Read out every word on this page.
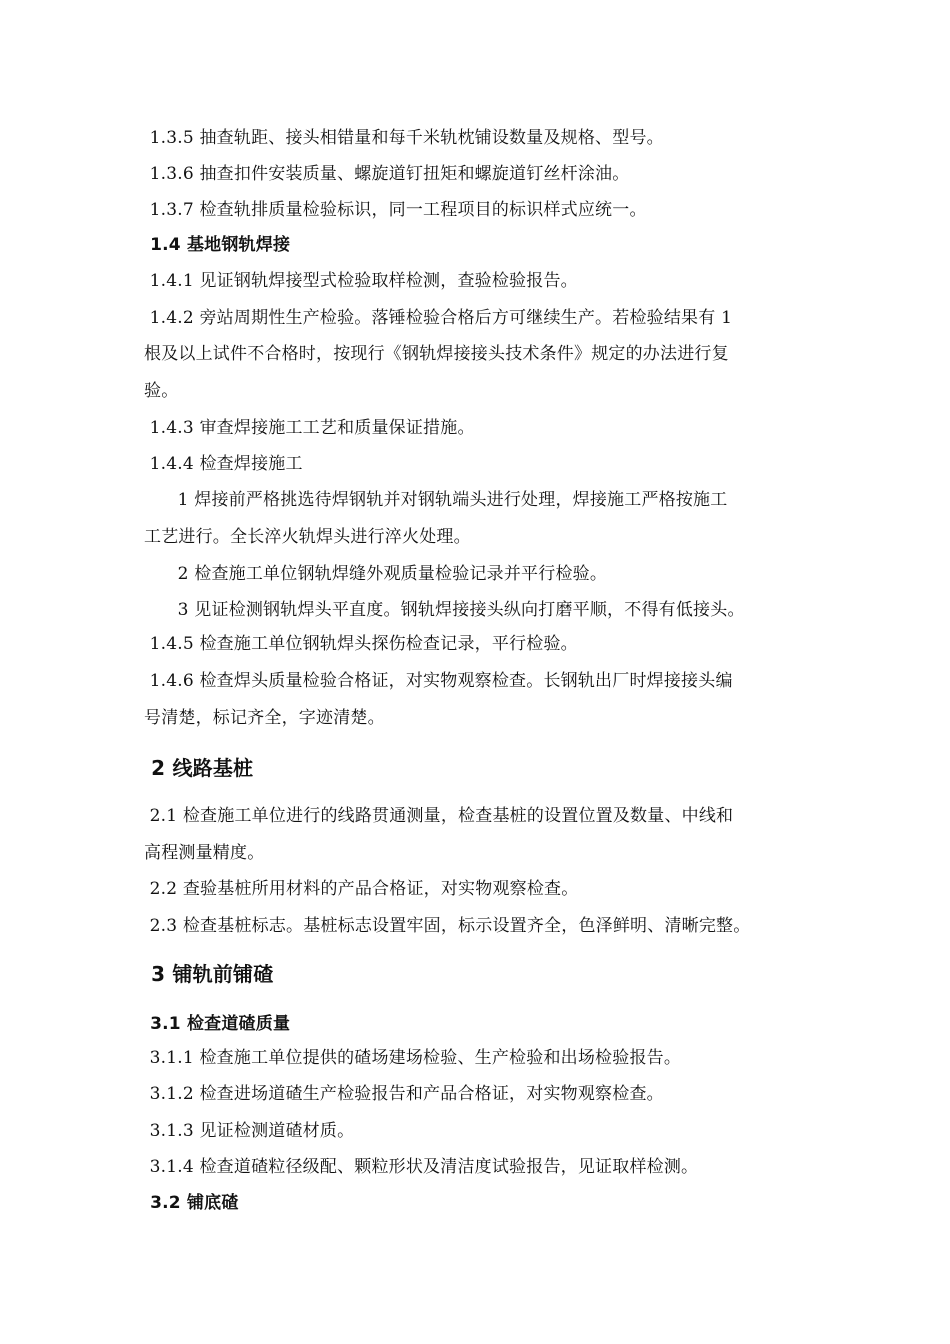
1.3.5 抽查轨距、接头相错量和每千米轨枕铺设数量及规格、型号。
1.3.6 抽查扣件安装质量、螺旋道钉扭矩和螺旋道钉丝杆涂油。
1.3.7 检查轨排质量检验标识，同一工程项目的标识样式应统一。
1.4 基地钢轨焊接
1.4.1 见证钢轨焊接型式检验取样检测，查验检验报告。
1.4.2 旁站周期性生产检验。落锤检验合格后方可继续生产。若检验结果有 1
根及以上试件不合格时，按现行《钢轨焊接接头技术条件》规定的办法进行复
验。
1.4.3 审查焊接施工工艺和质量保证措施。
1.4.4 检查焊接施工
1 焊接前严格挑选待焊钢轨并对钢轨端头进行处理，焊接施工严格按施工
工艺进行。全长淬火轨焊头进行淬火处理。
2 检查施工单位钢轨焊缝外观质量检验记录并平行检验。
3 见证检测钢轨焊头平直度。钢轨焊接接头纵向打磨平顺，不得有低接头。
1.4.5 检查施工单位钢轨焊头探伤检查记录，平行检验。
1.4.6 检查焊头质量检验合格证，对实物观察检查。长钢轨出厂时焊接接头编
号清楚，标记齐全，字迹清楚。
2 线路基桩
2.1 检查施工单位进行的线路贯通测量，检查基桩的设置位置及数量、中线和
高程测量精度。
2.2 查验基桩所用材料的产品合格证，对实物观察检查。
2.3 检查基桩标志。基桩标志设置牢固，标示设置齐全，色泽鲜明、清晰完整。
3 铺轨前铺碴
3.1 检查道碴质量
3.1.1 检查施工单位提供的碴场建场检验、生产检验和出场检验报告。
3.1.2 检查进场道碴生产检验报告和产品合格证，对实物观察检查。
3.1.3 见证检测道碴材质。
3.1.4 检查道碴粒径级配、颗粒形状及清洁度试验报告，见证取样检测。
3.2 铺底碴
